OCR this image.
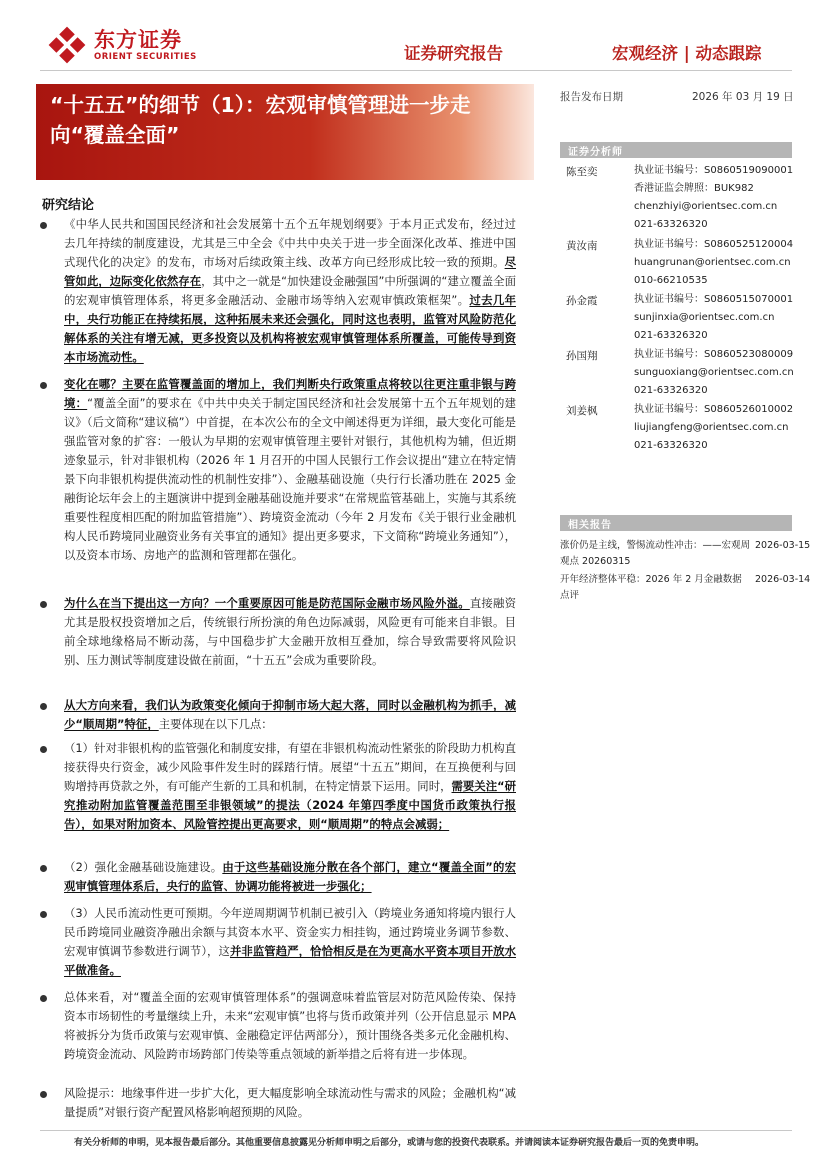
东方证券
ORIENT SECURITIES	证券研究报告	宏观经济 | 动态跟踪
“十五五”的细节（1）：宏观审慎管理进一步走向“覆盖全面”
报告发布日期	2026 年 03 月 19 日
证券分析师
陈至奕	执业证书编号：S0860519090001
香港证监会牌照：BUK982
chenzhiyi@orientsec.com.cn
021-63326320
黄汝南	执业证书编号：S0860525120004
huangrunan@orientsec.com.cn
010-66210535
孙金霞	执业证书编号：S0860515070001
sunjinxia@orientsec.com.cn
021-63326320
孙国翔	执业证书编号：S0860523080009
sunguoxiang@orientsec.com.cn
021-63326320
刘姜枫	执业证书编号：S0860526010002
liujiangfeng@orientsec.com.cn
021-63326320
相关报告
涨价仍是主线，警惕流动性冲击：——宏观周观点 20260315
2026-03-15
开年经济整体平稳：2026 年 2 月金融数据点评
2026-03-14
研究结论
《中华人民共和国国民经济和社会发展第十五个五年规划纲要》于本月正式发布，经过过去几年持续的制度建设，尤其是三中全会《中共中央关于进一步全面深化改革、推进中国式现代化的决定》的发布，市场对后续政策主线、改革方向已经形成比较一致的预期。尽管如此，边际变化依然存在，其中之一就是“加快建设金融强国”中所强调的“建立覆盖全面的宏观审慎管理体系，将更多金融活动、金融市场等纳入宏观审慎政策框架”。过去几年中，央行功能正在持续拓展，这种拓展未来还会强化，同时这也表明，监管对风险防范化解体系的关注有增无减，更多投资以及机构将被宏观审慎管理体系所覆盖，可能传导到资本市场流动性。
变化在哪？主要在监管覆盖面的增加上，我们判断央行政策重点将较以往更注重非银与跨境：“覆盖全面”的要求在《中共中央关于制定国民经济和社会发展第十五个五年规划的建议》（后文简称“建议稿”）中首提，在本次公布的全文中阐述得更为详细，最大变化可能是强监管对象的扩容：一般认为早期的宏观审慎管理主要针对银行，其他机构为辅，但近期迹象显示，针对非银机构（2026 年 1 月召开的中国人民银行工作会议提出“建立在特定情景下向非银机构提供流动性的机制性安排”）、金融基础设施（央行行长潘功胜在 2025 金融街论坛年会上的主题演讲中提到金融基础设施并要求“在常规监管基础上，实施与其系统重要性程度相匹配的附加监管措施”）、跨境资金流动（今年 2 月发布《关于银行业金融机构人民币跨境同业融资业务有关事宜的通知》提出更多要求，下文简称“跨境业务通知”），以及资本市场、房地产的监测和管理都在强化。
为什么在当下提出这一方向？一个重要原因可能是防范国际金融市场风险外溢。直接融资尤其是股权投资增加之后，传统银行所扮演的角色边际减弱，风险更有可能来自非银。目前全球地缘格局不断动荡，与中国稳步扩大金融开放相互叠加，综合导致需要将风险识别、压力测试等制度建设做在前面，“十五五”会成为重要阶段。
从大方向来看，我们认为政策变化倾向于抑制市场大起大落，同时以金融机构为抓手，减少“顺周期”特征，主要体现在以下几点：
（1）针对非银机构的监管强化和制度安排，有望在非银机构流动性紧张的阶段助力机构直接获得央行资金，减少风险事件发生时的踩踏行情。展望“十五五”期间，在互换便利与回购增持再贷款之外，有可能产生新的工具和机制，在特定情景下运用。同时，需要关注“研究推动附加监管覆盖范围至非银领域”的提法（2024 年第四季度中国货币政策执行报告），如果对附加资本、风险管控提出更高要求，则“顺周期”的特点会减弱；
（2）强化金融基础设施建设。由于这些基础设施分散在各个部门，建立“覆盖全面”的宏观审慎管理体系后，央行的监管、协调功能将被进一步强化；
（3）人民币流动性更可预期。今年逆周期调节机制已被引入（跨境业务通知将境内银行人民币跨境同业融资净融出余额与其资本水平、资金实力相挂钩，通过跨境业务调节参数、宏观审慎调节参数进行调节），这并非监管趋严，恰恰相反是在为更高水平资本项目开放水平做准备。
总体来看，对“覆盖全面的宏观审慎管理体系”的强调意味着监管层对防范风险传染、保持资本市场韧性的考量继续上升，未来“宏观审慎”也将与货币政策并列（公开信息显示 MPA 将被拆分为货币政策与宏观审慎、金融稳定评估两部分），预计围绕各类多元化金融机构、跨境资金流动、风险跨市场跨部门传染等重点领域的新举措之后将有进一步体现。
风险提示：地缘事件进一步扩大化，更大幅度影响全球流动性与需求的风险；金融机构“减量提质”对银行资产配置风格影响超预期的风险。
有关分析师的申明，见本报告最后部分。其他重要信息披露见分析师申明之后部分，或请与您的投资代表联系。并请阅读本证券研究报告最后一页的免责申明。
